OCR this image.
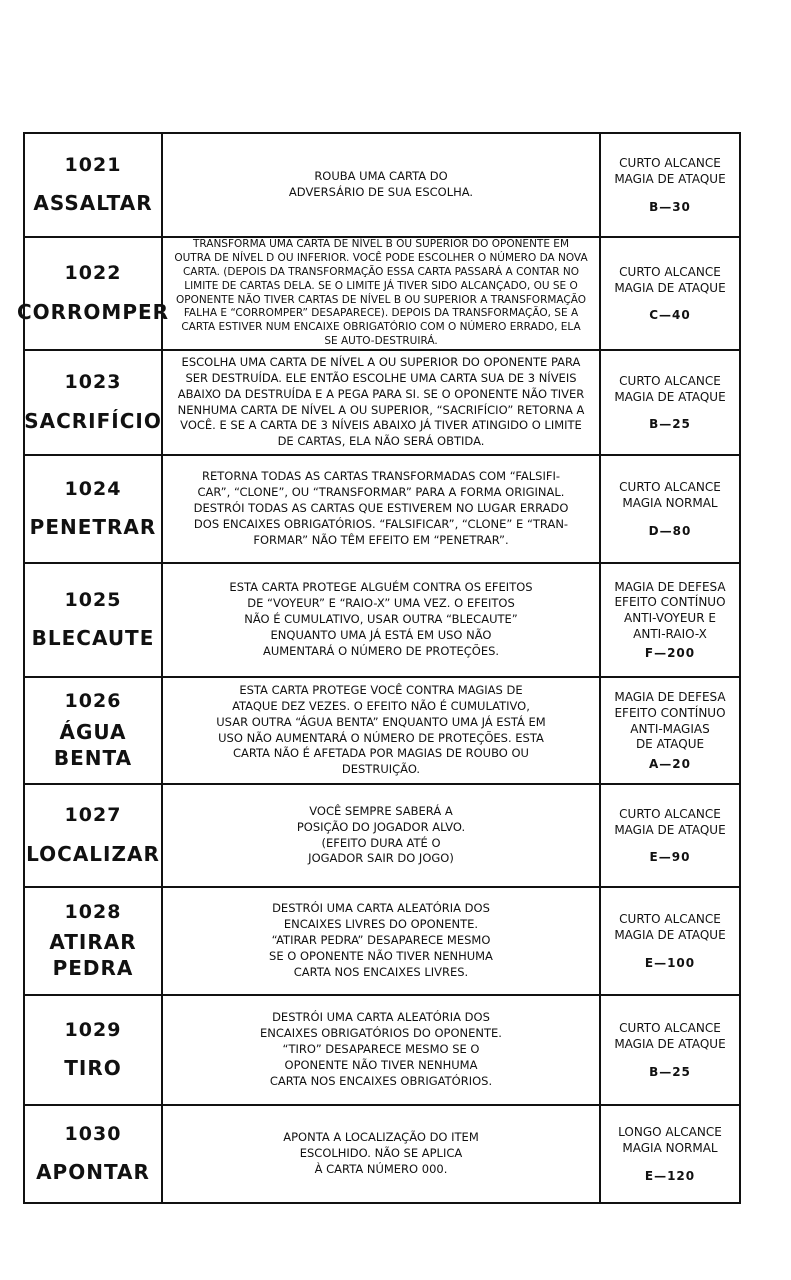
1021
ASSALTAR
ROUBA UMA CARTA DO
ADVERSÁRIO DE SUA ESCOLHA.
CURTO ALCANCE
MAGIA DE ATAQUE
B—30
1022
CORROMPER
TRANSFORMA UMA CARTA DE NÍVEL B OU SUPERIOR DO OPONENTE EM
OUTRA DE NÍVEL D OU INFERIOR. VOCÊ PODE ESCOLHER O NÚMERO DA NOVA
CARTA. (DEPOIS DA TRANSFORMAÇÃO ESSA CARTA PASSARÁ A CONTAR NO
LIMITE DE CARTAS DELA. SE O LIMITE JÁ TIVER SIDO ALCANÇADO, OU SE O
OPONENTE NÃO TIVER CARTAS DE NÍVEL B OU SUPERIOR A TRANSFORMAÇÃO
FALHA E “CORROMPER” DESAPARECE). DEPOIS DA TRANSFORMAÇÃO, SE A
CARTA ESTIVER NUM ENCAIXE OBRIGATÓRIO COM O NÚMERO ERRADO, ELA
SE AUTO-DESTRUIRÁ.
CURTO ALCANCE
MAGIA DE ATAQUE
C—40
1023
SACRIFÍCIO
ESCOLHA UMA CARTA DE NÍVEL A OU SUPERIOR DO OPONENTE PARA
SER DESTRUÍDA. ELE ENTÃO ESCOLHE UMA CARTA SUA DE 3 NÍVEIS
ABAIXO DA DESTRUÍDA E A PEGA PARA SI. SE O OPONENTE NÃO TIVER
NENHUMA CARTA DE NÍVEL A OU SUPERIOR, “SACRIFÍCIO” RETORNA A
VOCÊ. E SE A CARTA DE 3 NÍVEIS ABAIXO JÁ TIVER ATINGIDO O LIMITE
DE CARTAS, ELA NÃO SERÁ OBTIDA.
CURTO ALCANCE
MAGIA DE ATAQUE
B—25
1024
PENETRAR
RETORNA TODAS AS CARTAS TRANSFORMADAS COM “FALSIFI-
CAR”, “CLONE”, OU “TRANSFORMAR” PARA A FORMA ORIGINAL.
DESTRÓI TODAS AS CARTAS QUE ESTIVEREM NO LUGAR ERRADO
DOS ENCAIXES OBRIGATÓRIOS. “FALSIFICAR”, “CLONE” E “TRAN-
FORMAR” NÃO TÊM EFEITO EM “PENETRAR”.
CURTO ALCANCE
MAGIA NORMAL
D—80
1025
BLECAUTE
ESTA CARTA PROTEGE ALGUÉM CONTRA OS EFEITOS
DE “VOYEUR” E “RAIO-X” UMA VEZ. O EFEITOS
NÃO É CUMULATIVO, USAR OUTRA “BLECAUTE”
ENQUANTO UMA JÁ ESTÁ EM USO NÃO
AUMENTARÁ O NÚMERO DE PROTEÇÕES.
MAGIA DE DEFESA
EFEITO CONTÍNUO
ANTI-VOYEUR E
ANTI-RAIO-X
F—200
1026
ÁGUA
BENTA
ESTA CARTA PROTEGE VOCÊ CONTRA MAGIAS DE
ATAQUE DEZ VEZES. O EFEITO NÃO É CUMULATIVO,
USAR OUTRA “ÁGUA BENTA” ENQUANTO UMA JÁ ESTÁ EM
USO NÃO AUMENTARÁ O NÚMERO DE PROTEÇÕES. ESTA
CARTA NÃO É AFETADA POR MAGIAS DE ROUBO OU
DESTRUIÇÃO.
MAGIA DE DEFESA
EFEITO CONTÍNUO
ANTI-MAGIAS
DE ATAQUE
A—20
1027
LOCALIZAR
VOCÊ SEMPRE SABERÁ A
POSIÇÃO DO JOGADOR ALVO.
(EFEITO DURA ATÉ O
JOGADOR SAIR DO JOGO)
CURTO ALCANCE
MAGIA DE ATAQUE
E—90
1028
ATIRAR
PEDRA
DESTRÓI UMA CARTA ALEATÓRIA DOS
ENCAIXES LIVRES DO OPONENTE.
“ATIRAR PEDRA” DESAPARECE MESMO
SE O OPONENTE NÃO TIVER NENHUMA
CARTA NOS ENCAIXES LIVRES.
CURTO ALCANCE
MAGIA DE ATAQUE
E—100
1029
TIRO
DESTRÓI UMA CARTA ALEATÓRIA DOS
ENCAIXES OBRIGATÓRIOS DO OPONENTE.
“TIRO” DESAPARECE MESMO SE O
OPONENTE NÃO TIVER NENHUMA
CARTA NOS ENCAIXES OBRIGATÓRIOS.
CURTO ALCANCE
MAGIA DE ATAQUE
B—25
1030
APONTAR
APONTA A LOCALIZAÇÃO DO ITEM
ESCOLHIDO. NÃO SE APLICA
À CARTA NÚMERO 000.
LONGO ALCANCE
MAGIA NORMAL
E—120
